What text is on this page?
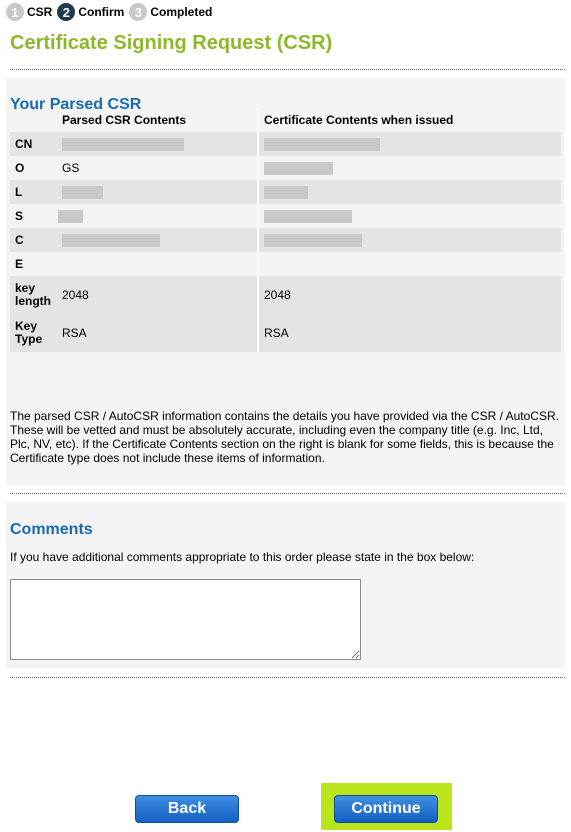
1 CSR 2 Confirm 3 Completed
Certificate Signing Request (CSR)
Your Parsed CSR
	Parsed CSR Contents	Certificate Contents when issued
CN		
O	GS	
L		
S		
C		
E		
key
length	2048	2048
Key
Type	RSA	RSA

The parsed CSR / AutoCSR information contains the details you have provided via the CSR / AutoCSR. These will be vetted and must be absolutely accurate, including even the company title (e.g. Inc, Ltd, Plc, NV, etc). If the Certificate Contents section on the right is blank for some fields, this is because the Certificate type does not include these items of information.

Comments

If you have additional comments appropriate to this order please state in the box below:

Back	Continue
